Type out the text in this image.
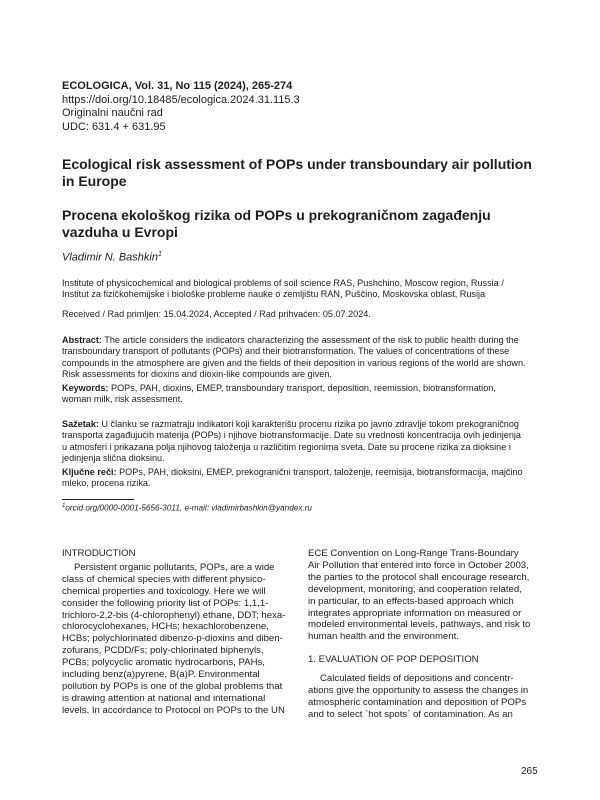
ECOLOGICA, Vol. 31, No 115 (2024), 265-274
https://doi.org/10.18485/ecologica.2024.31.115.3
Originalni naučni rad
UDC: 631.4 + 631.95
Ecological risk assessment of POPs under transboundary air pollution
in Europe
Procena ekološkog rizika od POPs u prekograničnom zagađenju
vazduha u Evropi
Vladimir N. Bashkin$^1$
Institute of physicochemical and biological problems of soil science RAS, Pushchino, Moscow region, Russia /
Institut za fizičkohemijske i biološke probleme nauke o zemljištu RAN, Puščino, Moskovska oblast, Rusija
Received / Rad primljen: 15.04.2024, Accepted / Rad prihvaćen: 05.07.2024.
Abstract: The article considers the indicators characterizing the assessment of the risk to public health during the
transboundary transport of pollutants (POPs) and their biotransformation. The values of concentrations of these
compounds in the atmosphere are given and the fields of their deposition in various regions of the world are shown.
Risk assessments for dioxins and dioxin-like compounds are given.
Keywords: POPs, PAH, dioxins, EMEP, transboundary transport, deposition, reemission, biotransformation,
woman milk, risk assessment.
Sažetak: U članku se razmatraju indikatori koji karakterišu procenu rizika po javno zdravlje tokom prekograničnog
transporta zagađujućih materija (POPs) i njihove biotransformacije. Date su vrednosti koncentracija ovih jedinjenja
u atmosferi i prikazana polja njihovog taloženja u različitim regionima sveta. Date su procene rizika za dioksine i
jedinjenja slična dioksinu.
Ključne reči: POPs, PAH, dioksini, EMEP, prekogranični transport, taloženje, reemisija, biotransformacija, majčino
mleko, procena rizika.
$^1$orcid.org/0000-0001-5656-3011, e-mail: vladimirbashkin@yandex.ru

INTRODUCTION

Persistent organic pollutants, POPs, are a wide

class of chemical species with different physico-

chemical properties and toxicology. Here we will

consider the following priority list of POPs: 1,1,1-

trichloro-2,2-bis (4-chlorophenyl) ethane, DDT; hexa-

chlorocyclohexanes, HCHs; hexachlorobenzene,

HCBs; polychlorinated dibenzo-p-dioxins and diben-

zofurans, PCDD/Fs; poly-chlorinated biphenyls,

PCBs; polycyclic aromatic hydrocarbons, PAHs,

including benz(a)pyrene, B(a)P. Environmental

pollution by POPs is one of the global problems that

is drawing attention at national and international

levels. In accordance to Protocol on POPs to the UN

ECE Convention on Long-Range Trans-Boundary

Air Pollution that entered into force in October 2003,

the parties to the protocol shall encourage research,

development, monitoring, and cooperation related,

in particular, to an effects-based approach which

integrates appropriate information on measured or

modeled environmental levels, pathways, and risk to

human health and the environment.

1. EVALUATION OF POP DEPOSITION

Calculated fields of depositions and concentr-

ations give the opportunity to assess the changes in

atmospheric contamination and deposition of POPs

and to select `hot spots` of contamination. As an

265
